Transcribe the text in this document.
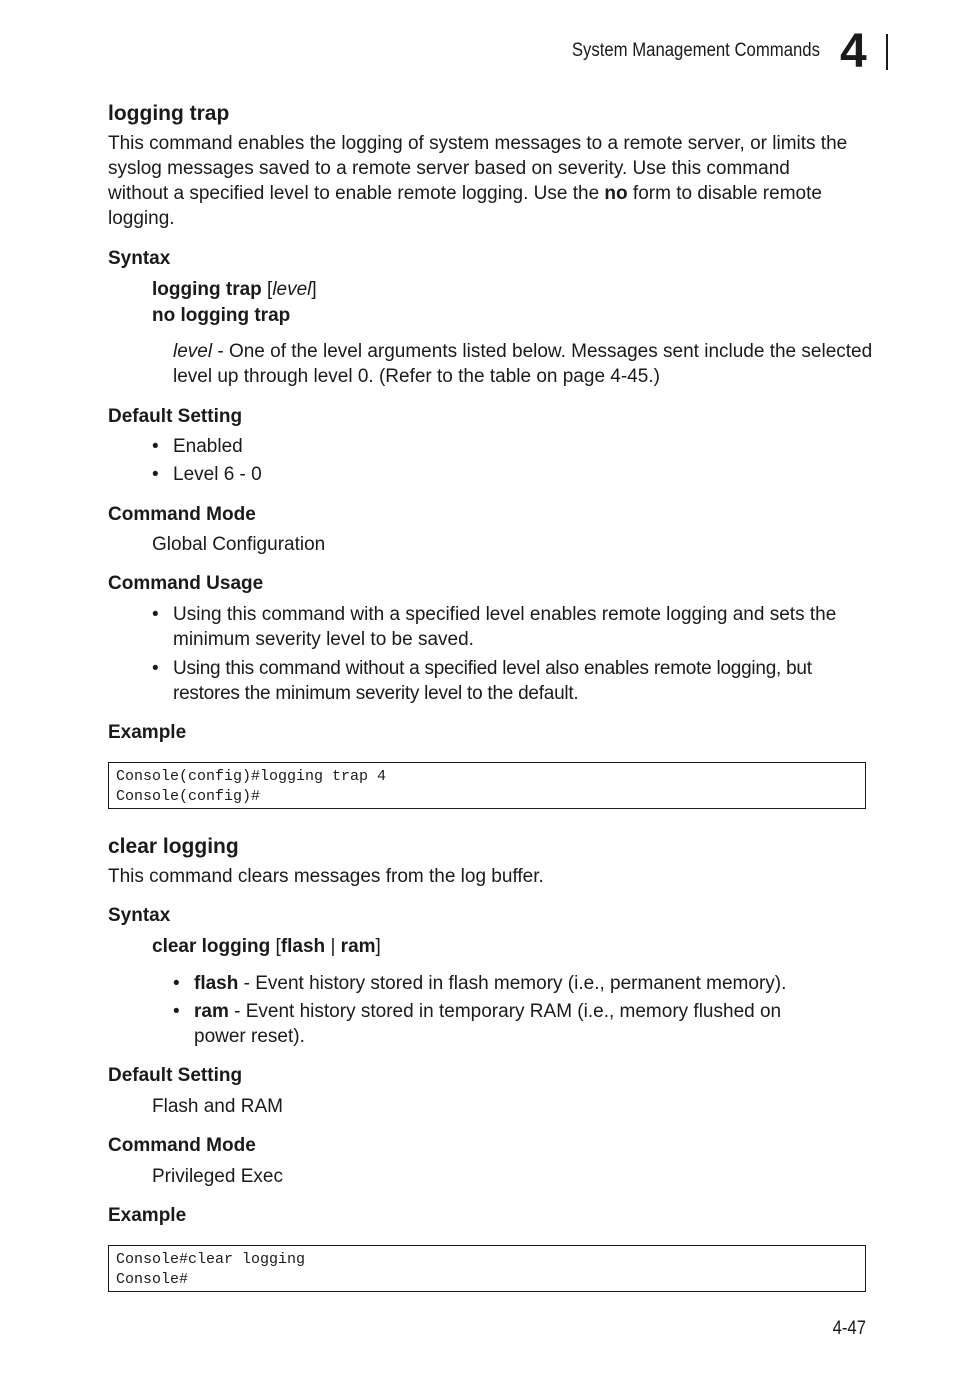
System Management Commands 4
logging trap
This command enables the logging of system messages to a remote server, or limits the syslog messages saved to a remote server based on severity. Use this command without a specified level to enable remote logging. Use the no form to disable remote logging.
Syntax
logging trap [level]
no logging trap
level - One of the level arguments listed below. Messages sent include the selected level up through level 0. (Refer to the table on page 4-45.)
Default Setting
• Enabled
• Level 6 - 0
Command Mode
Global Configuration
Command Usage
• Using this command with a specified level enables remote logging and sets the minimum severity level to be saved.
• Using this command without a specified level also enables remote logging, but restores the minimum severity level to the default.
Example
Console(config)#logging trap 4
Console(config)#
clear logging
This command clears messages from the log buffer.
Syntax
clear logging [flash | ram]
• flash - Event history stored in flash memory (i.e., permanent memory).
• ram - Event history stored in temporary RAM (i.e., memory flushed on power reset).
Default Setting
Flash and RAM
Command Mode
Privileged Exec
Example
Console#clear logging
Console#
4-47
